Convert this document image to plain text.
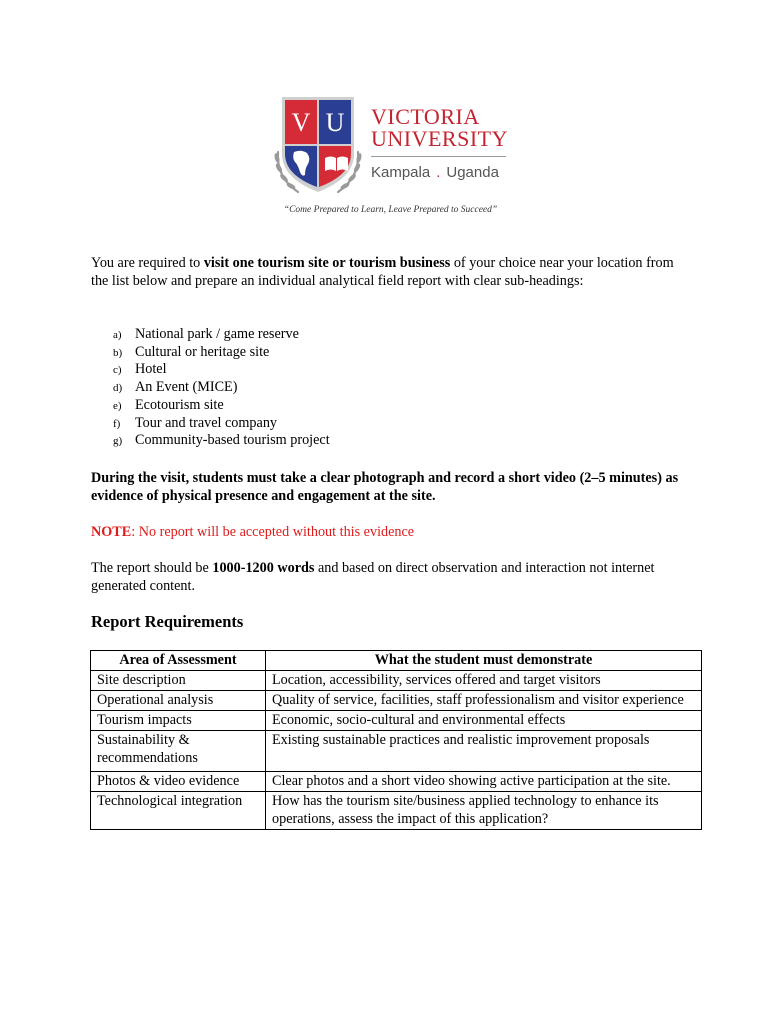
V U VICTORIA
UNIVERSITY
Kampala . Uganda
“Come Prepared to Learn, Leave Prepared to Succeed”
You are required to visit one tourism site or tourism business of your choice near your location from the list below and prepare an individual analytical field report with clear sub-headings:
a) National park / game reserve
b) Cultural or heritage site
c) Hotel
d) An Event (MICE)
e) Ecotourism site
f) Tour and travel company
g) Community-based tourism project
During the visit, students must take a clear photograph and record a short video (2–5 minutes) as evidence of physical presence and engagement at the site.
NOTE: No report will be accepted without this evidence
The report should be 1000-1200 words and based on direct observation and interaction not internet generated content.
Report Requirements
Area of Assessment	What the student must demonstrate
Site description	Location, accessibility, services offered and target visitors
Operational analysis	Quality of service, facilities, staff professionalism and visitor experience
Tourism impacts	Economic, socio-cultural and environmental effects
Sustainability & recommendations	Existing sustainable practices and realistic improvement proposals
Photos & video evidence	Clear photos and a short video showing active participation at the site.
Technological integration	How has the tourism site/business applied technology to enhance its operations, assess the impact of this application?
